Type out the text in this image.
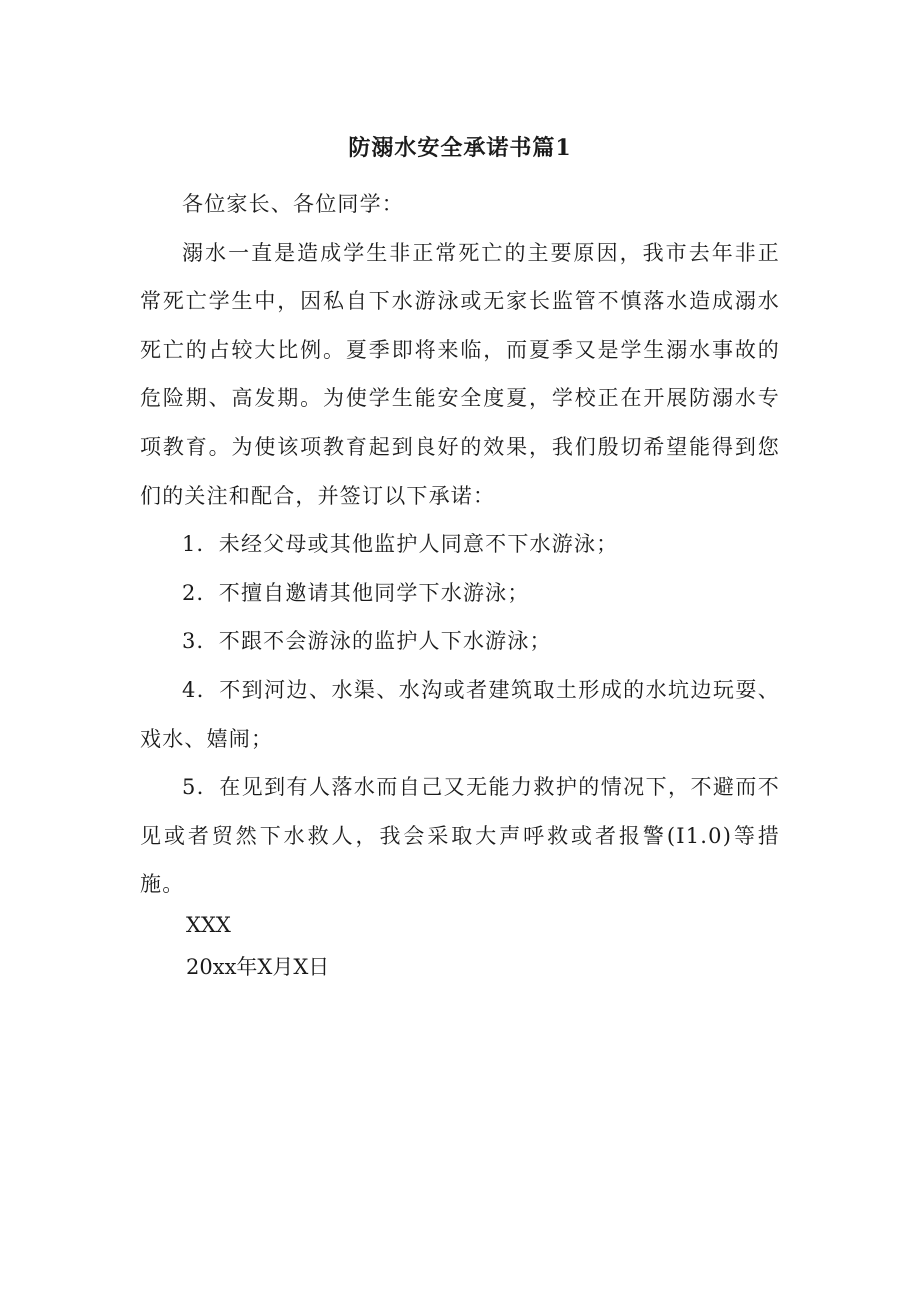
防溺水安全承诺书篇1

各位家长、各位同学：

溺水一直是造成学生非正常死亡的主要原因，我市去年非正常死亡学生中，因私自下水游泳或无家长监管不慎落水造成溺水死亡的占较大比例。夏季即将来临，而夏季又是学生溺水事故的危险期、高发期。为使学生能安全度夏，学校正在开展防溺水专项教育。为使该项教育起到良好的效果，我们殷切希望能得到您们的关注和配合，并签订以下承诺：

1．未经父母或其他监护人同意不下水游泳；

2．不擅自邀请其他同学下水游泳；

3．不跟不会游泳的监护人下水游泳；

4．不到河边、水渠、水沟或者建筑取土形成的水坑边玩耍、戏水、嬉闹；

5．在见到有人落水而自己又无能力救护的情况下，不避而不见或者贸然下水救人，我会采取大声呼救或者报警(I1.0)等措施。

XXX
20xx年X月X日
